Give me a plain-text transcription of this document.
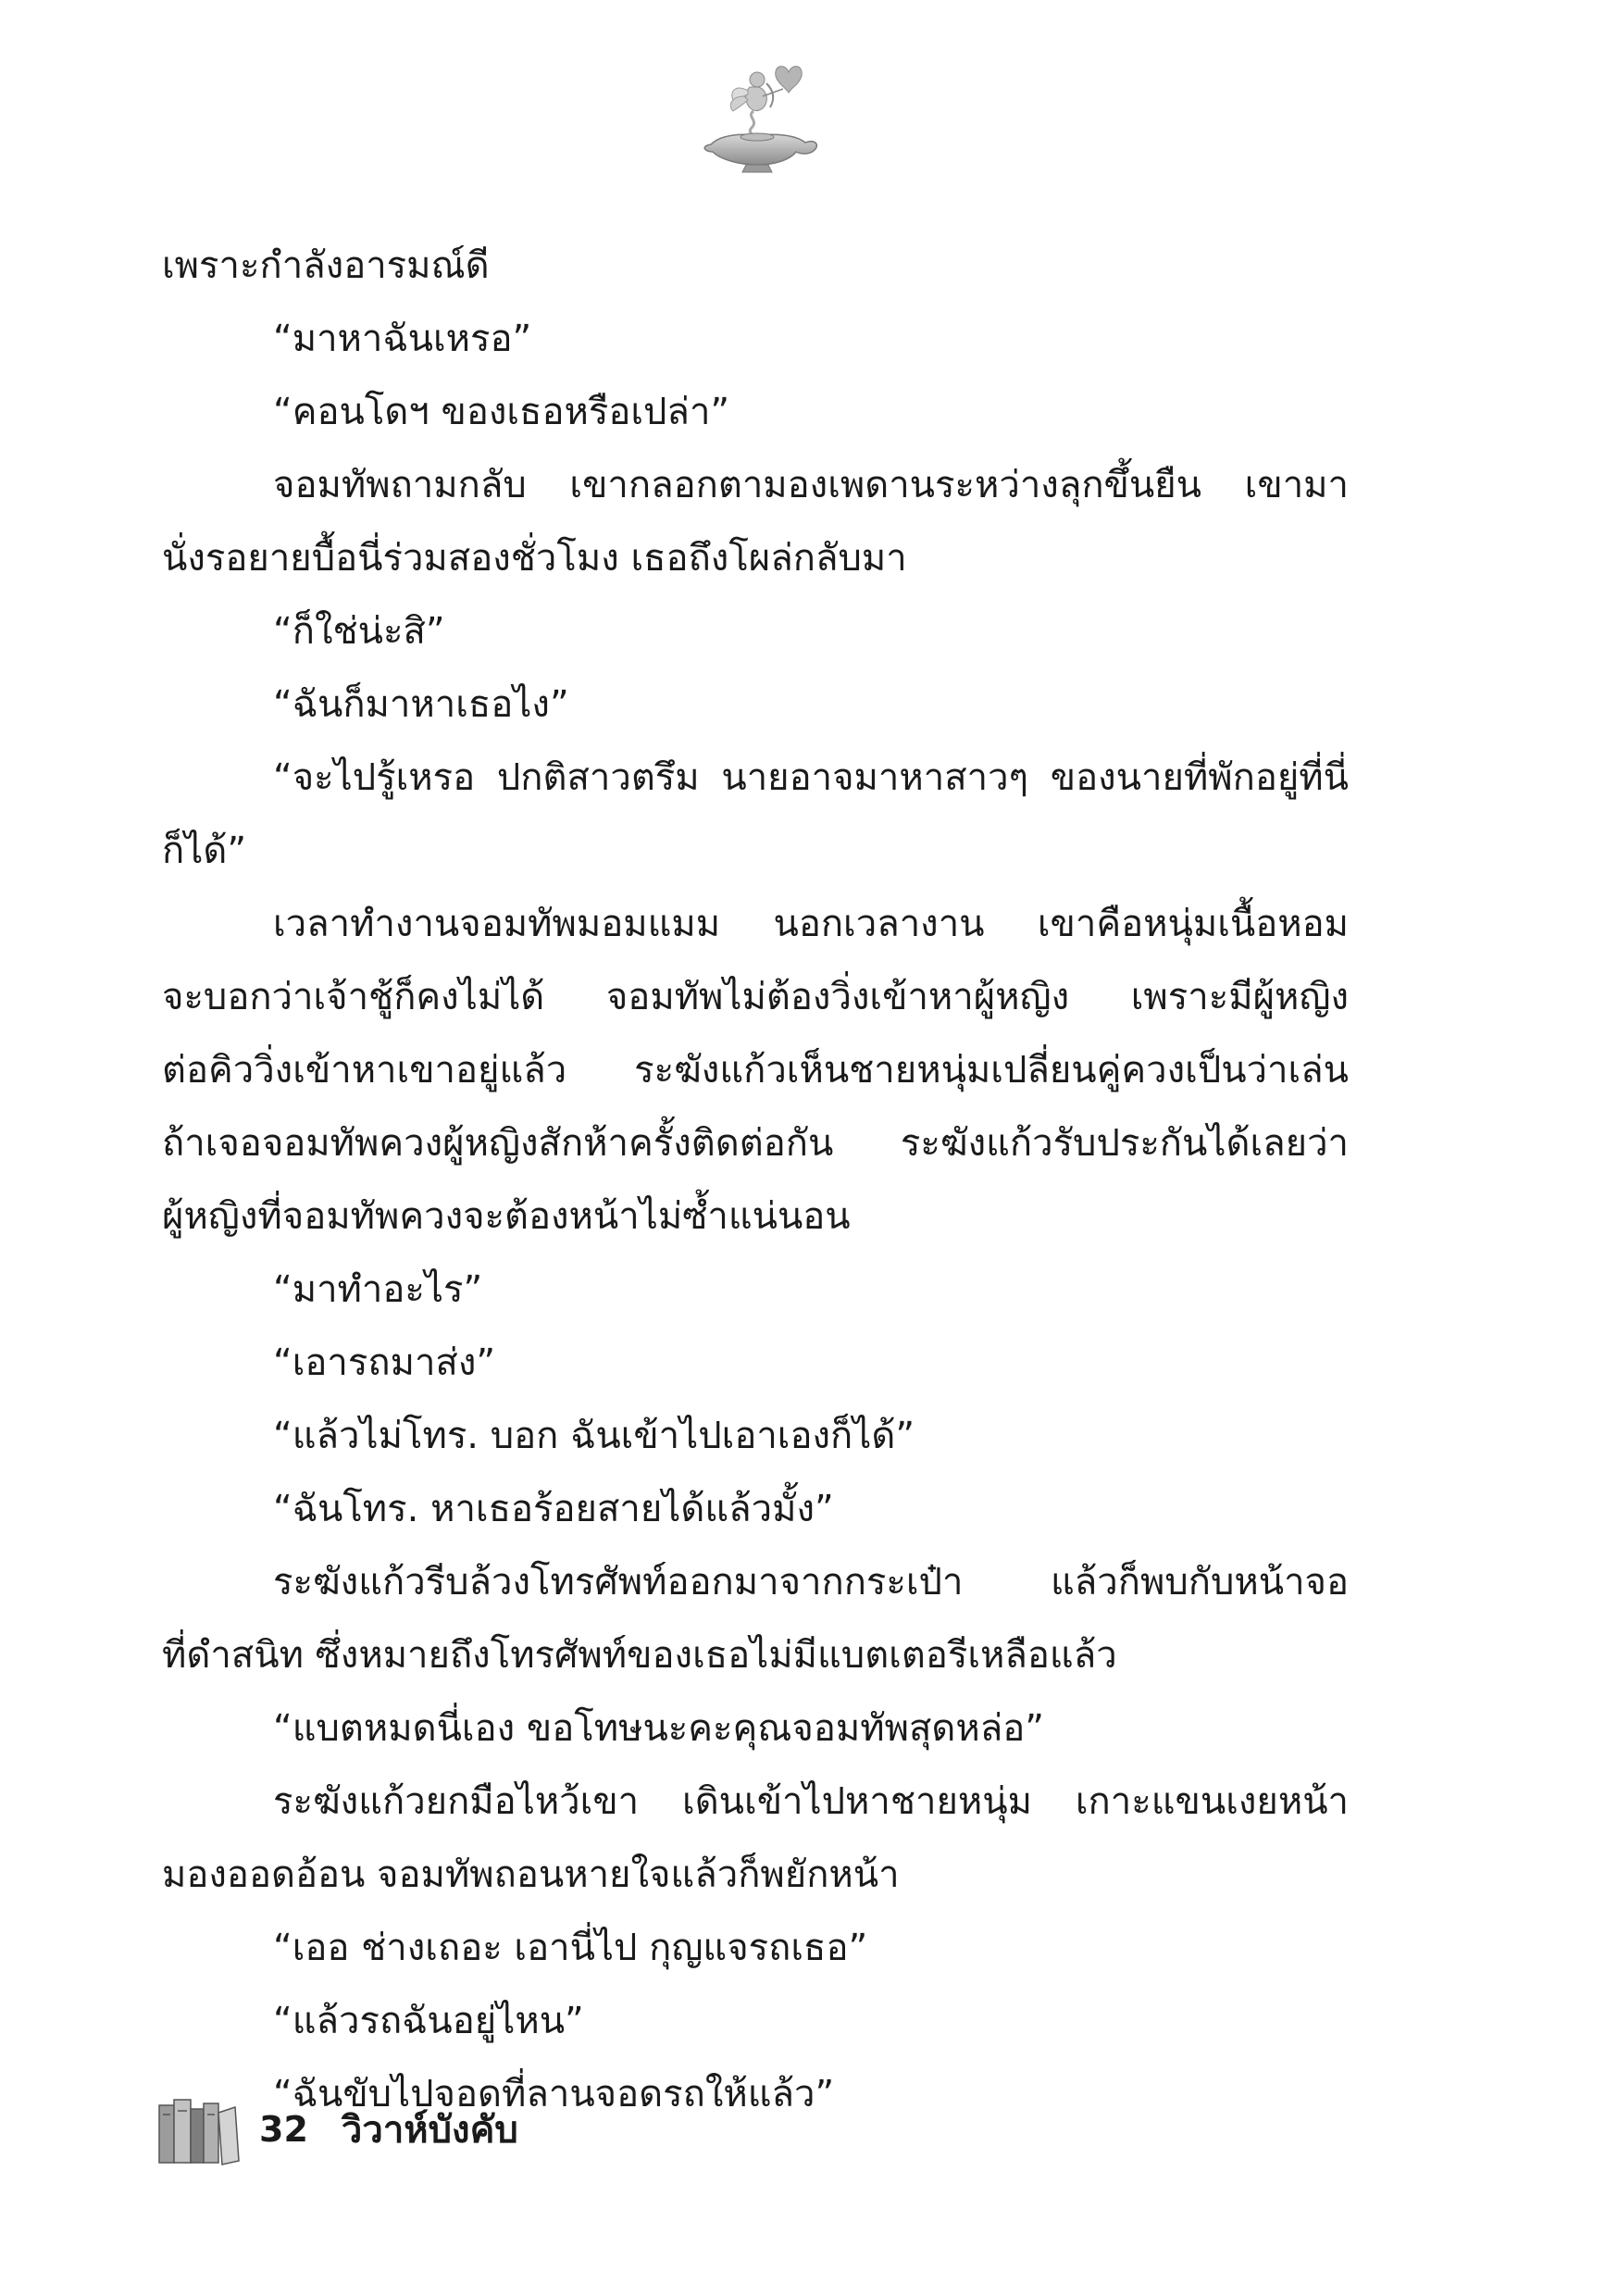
เพราะกำลังอารมณ์ดี
“มาหาฉันเหรอ”
“คอนโดฯ ของเธอหรือเปล่า”
จอมทัพถามกลับ เขากลอกตามองเพดานระหว่างลุกขึ้นยืน เขามา
นั่งรอยายบื้อนี่ร่วมสองชั่วโมง เธอถึงโผล่กลับมา
“ก็ใช่น่ะสิ”
“ฉันก็มาหาเธอไง”
“จะไปรู้เหรอ ปกติสาวตรึม นายอาจมาหาสาวๆ ของนายที่พักอยู่ที่นี่
ก็ได้”
เวลาทำงานจอมทัพมอมแมม นอกเวลางาน เขาคือหนุ่มเนื้อหอม
จะบอกว่าเจ้าชู้ก็คงไม่ได้ จอมทัพไม่ต้องวิ่งเข้าหาผู้หญิง เพราะมีผู้หญิง
ต่อคิววิ่งเข้าหาเขาอยู่แล้ว ระฆังแก้วเห็นชายหนุ่มเปลี่ยนคู่ควงเป็นว่าเล่น
ถ้าเจอจอมทัพควงผู้หญิงสักห้าครั้งติดต่อกัน ระฆังแก้วรับประกันได้เลยว่า
ผู้หญิงที่จอมทัพควงจะต้องหน้าไม่ซ้ำแน่นอน
“มาทำอะไร”
“เอารถมาส่ง”
“แล้วไม่โทร. บอก ฉันเข้าไปเอาเองก็ได้”
“ฉันโทร. หาเธอร้อยสายได้แล้วมั้ง”
ระฆังแก้วรีบล้วงโทรศัพท์ออกมาจากกระเป๋า แล้วก็พบกับหน้าจอ
ที่ดำสนิท ซึ่งหมายถึงโทรศัพท์ของเธอไม่มีแบตเตอรีเหลือแล้ว
“แบตหมดนี่เอง ขอโทษนะคะคุณจอมทัพสุดหล่อ”
ระฆังแก้วยกมือไหว้เขา เดินเข้าไปหาชายหนุ่ม เกาะแขนเงยหน้า
มองออดอ้อน จอมทัพถอนหายใจแล้วก็พยักหน้า
“เออ ช่างเถอะ เอานี่ไป กุญแจรถเธอ”
“แล้วรถฉันอยู่ไหน”
“ฉันขับไปจอดที่ลานจอดรถให้แล้ว”
32 วิวาห์บังคับ
